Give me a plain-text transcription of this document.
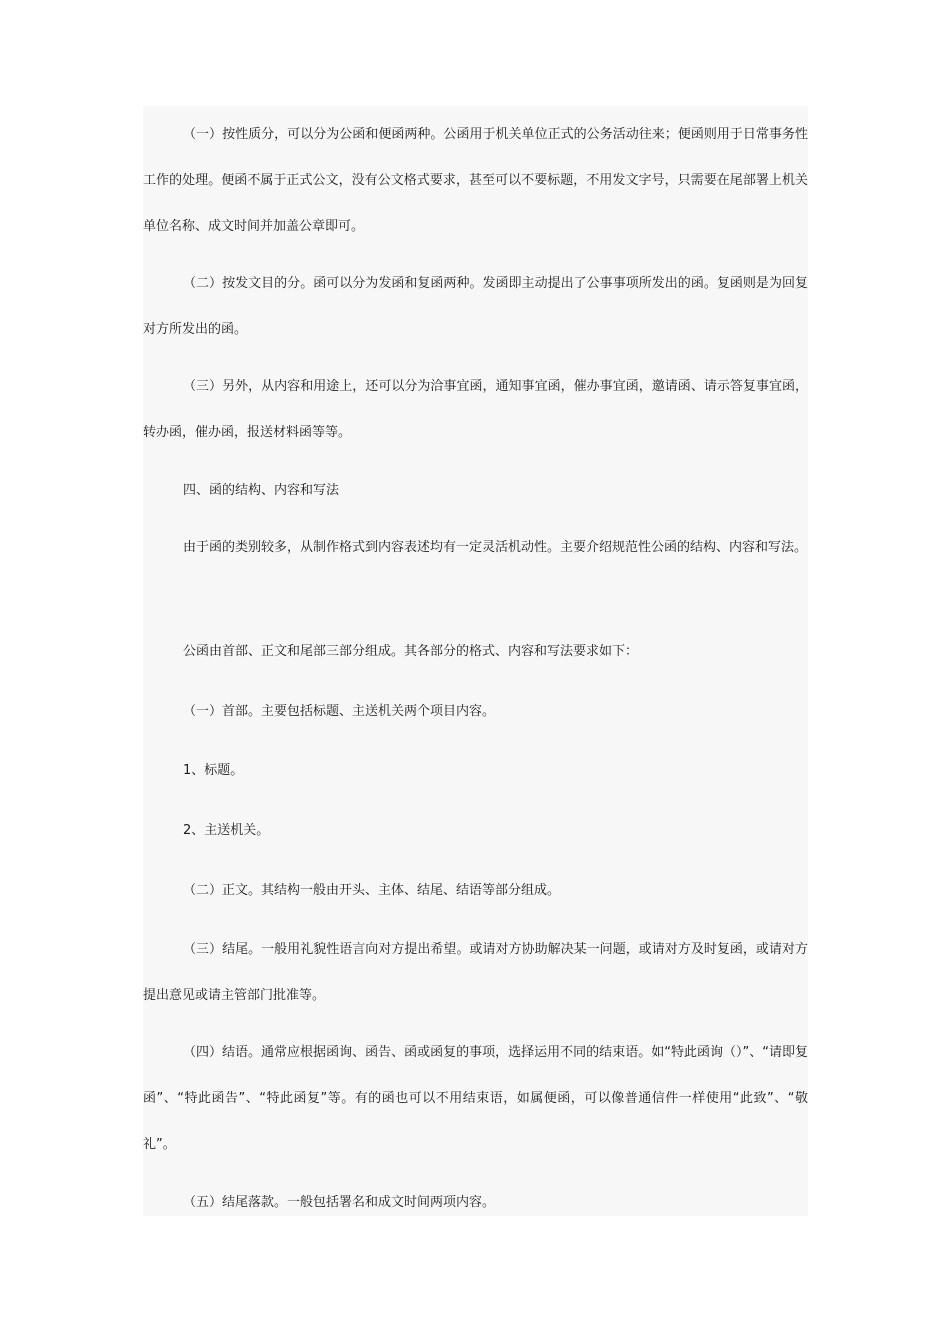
（一）按性质分，可以分为公函和便函两种。公函用于机关单位正式的公务活动往来；便函则用于日常事务性工作的处理。便函不属于正式公文，没有公文格式要求，甚至可以不要标题，不用发文字号，只需要在尾部署上机关单位名称、成文时间并加盖公章即可。

（二）按发文目的分。函可以分为发函和复函两种。发函即主动提出了公事事项所发出的函。复函则是为回复对方所发出的函。

（三）另外，从内容和用途上，还可以分为洽事宜函，通知事宜函，催办事宜函，邀请函、请示答复事宜函，转办函，催办函，报送材料函等等。

四、函的结构、内容和写法

由于函的类别较多，从制作格式到内容表述均有一定灵活机动性。主要介绍规范性公函的结构、内容和写法。

公函由首部、正文和尾部三部分组成。其各部分的格式、内容和写法要求如下：

（一）首部。主要包括标题、主送机关两个项目内容。

1、标题。

2、主送机关。

（二）正文。其结构一般由开头、主体、结尾、结语等部分组成。

（三）结尾。一般用礼貌性语言向对方提出希望。或请对方协助解决某一问题，或请对方及时复函，或请对方提出意见或请主管部门批准等。

（四）结语。通常应根据函询、函告、函或函复的事项，选择运用不同的结束语。如“特此函询（）”、“请即复函”、“特此函告”、“特此函复”等。有的函也可以不用结束语，如属便函，可以像普通信件一样使用“此致”、“敬礼”。

（五）结尾落款。一般包括署名和成文时间两项内容。
